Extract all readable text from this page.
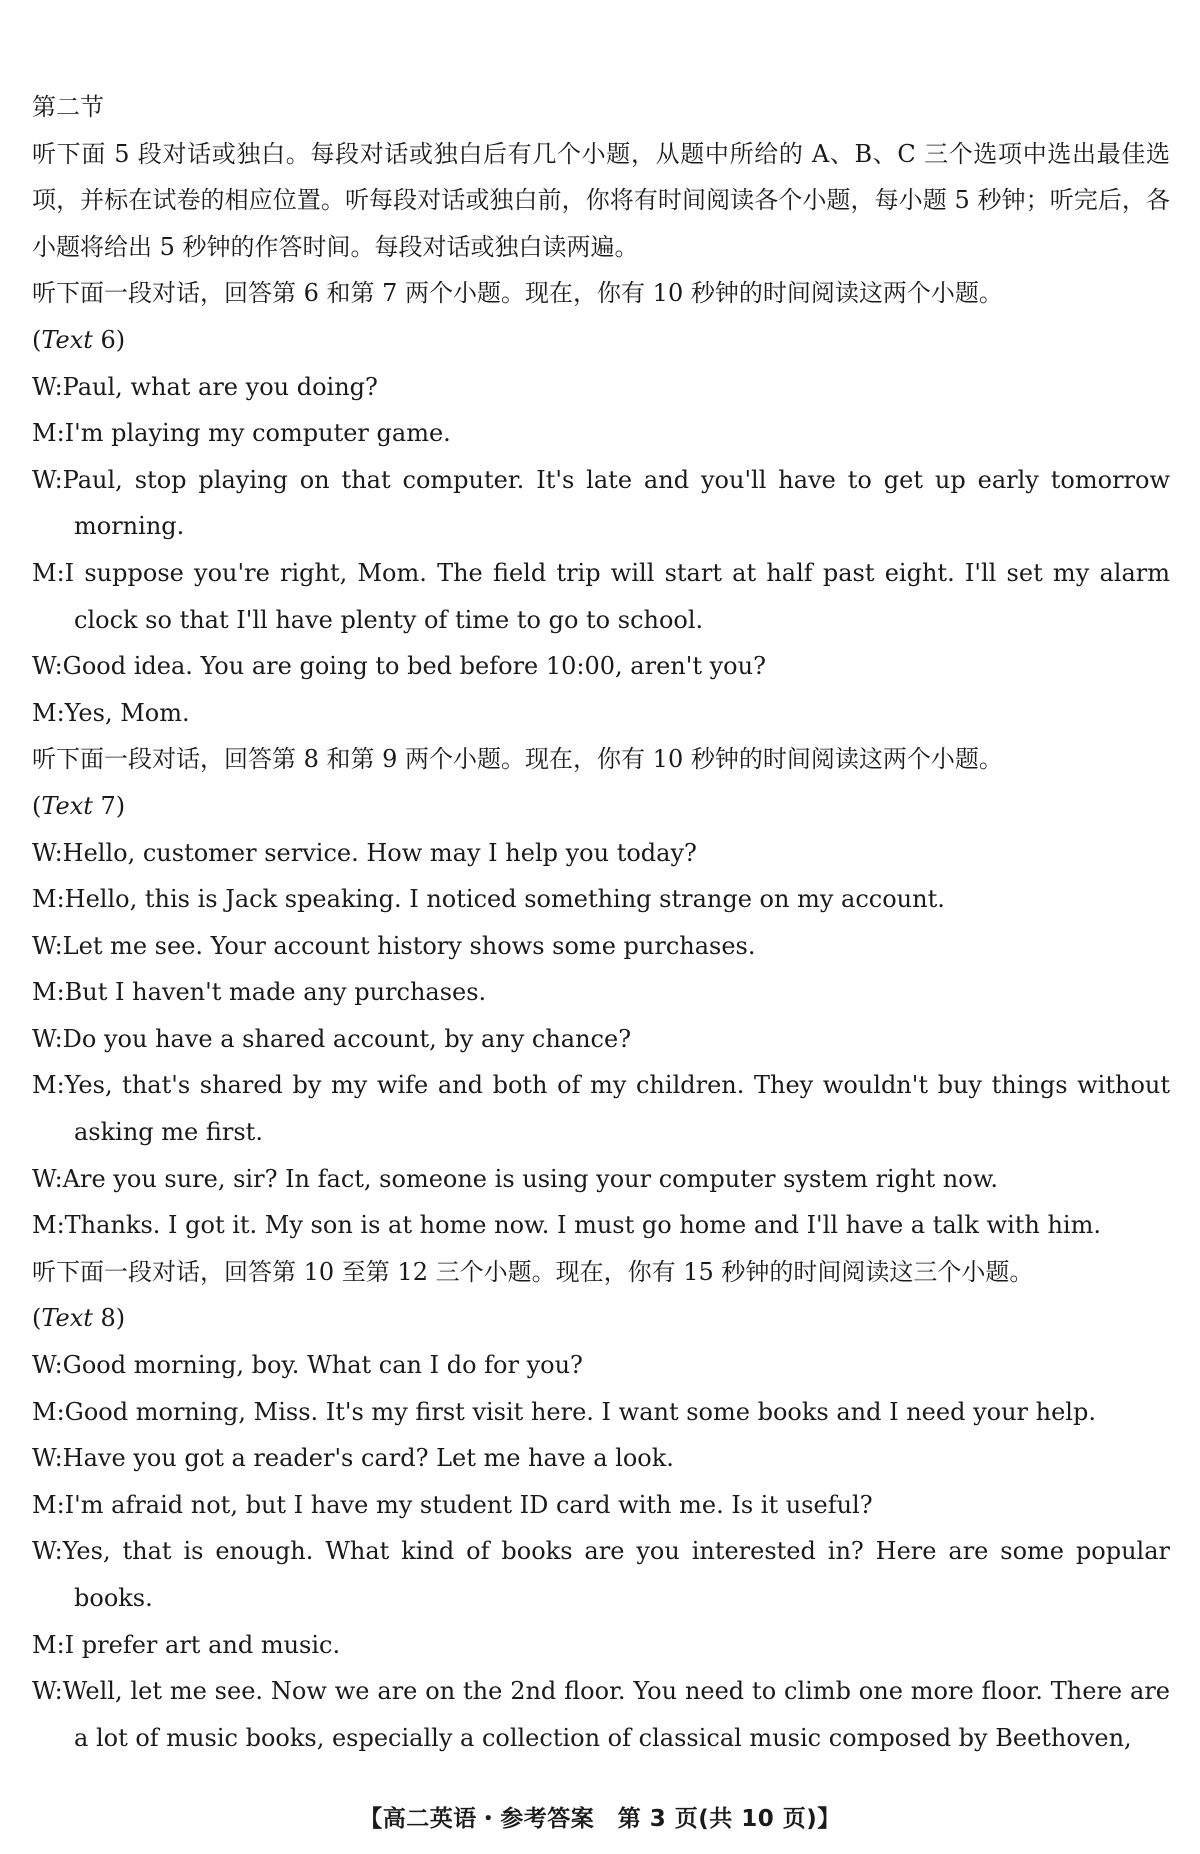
第二节
听下面 5 段对话或独白。每段对话或独白后有几个小题，从题中所给的 A、B、C 三个选项中选出最佳选项，并标在试卷的相应位置。听每段对话或独白前，你将有时间阅读各个小题，每小题 5 秒钟；听完后，各小题将给出 5 秒钟的作答时间。每段对话或独白读两遍。
听下面一段对话，回答第 6 和第 7 两个小题。现在，你有 10 秒钟的时间阅读这两个小题。
(Text 6)
W:Paul, what are you doing?
M:I'm playing my computer game.
W:Paul, stop playing on that computer. It's late and you'll have to get up early tomorrow morning.
M:I suppose you're right, Mom. The field trip will start at half past eight. I'll set my alarm clock so that I'll have plenty of time to go to school.
W:Good idea. You are going to bed before 10:00, aren't you?
M:Yes, Mom.
听下面一段对话，回答第 8 和第 9 两个小题。现在，你有 10 秒钟的时间阅读这两个小题。
(Text 7)
W:Hello, customer service. How may I help you today?
M:Hello, this is Jack speaking. I noticed something strange on my account.
W:Let me see. Your account history shows some purchases.
M:But I haven't made any purchases.
W:Do you have a shared account, by any chance?
M:Yes, that's shared by my wife and both of my children. They wouldn't buy things without asking me first.
W:Are you sure, sir? In fact, someone is using your computer system right now.
M:Thanks. I got it. My son is at home now. I must go home and I'll have a talk with him.
听下面一段对话，回答第 10 至第 12 三个小题。现在，你有 15 秒钟的时间阅读这三个小题。
(Text 8)
W:Good morning, boy. What can I do for you?
M:Good morning, Miss. It's my first visit here. I want some books and I need your help.
W:Have you got a reader's card? Let me have a look.
M:I'm afraid not, but I have my student ID card with me. Is it useful?
W:Yes, that is enough. What kind of books are you interested in? Here are some popular books.
M:I prefer art and music.
W:Well, let me see. Now we are on the 2nd floor. You need to climb one more floor. There are a lot of music books, especially a collection of classical music composed by Beethoven,
【高二英语・参考答案　第 3 页(共 10 页)】
